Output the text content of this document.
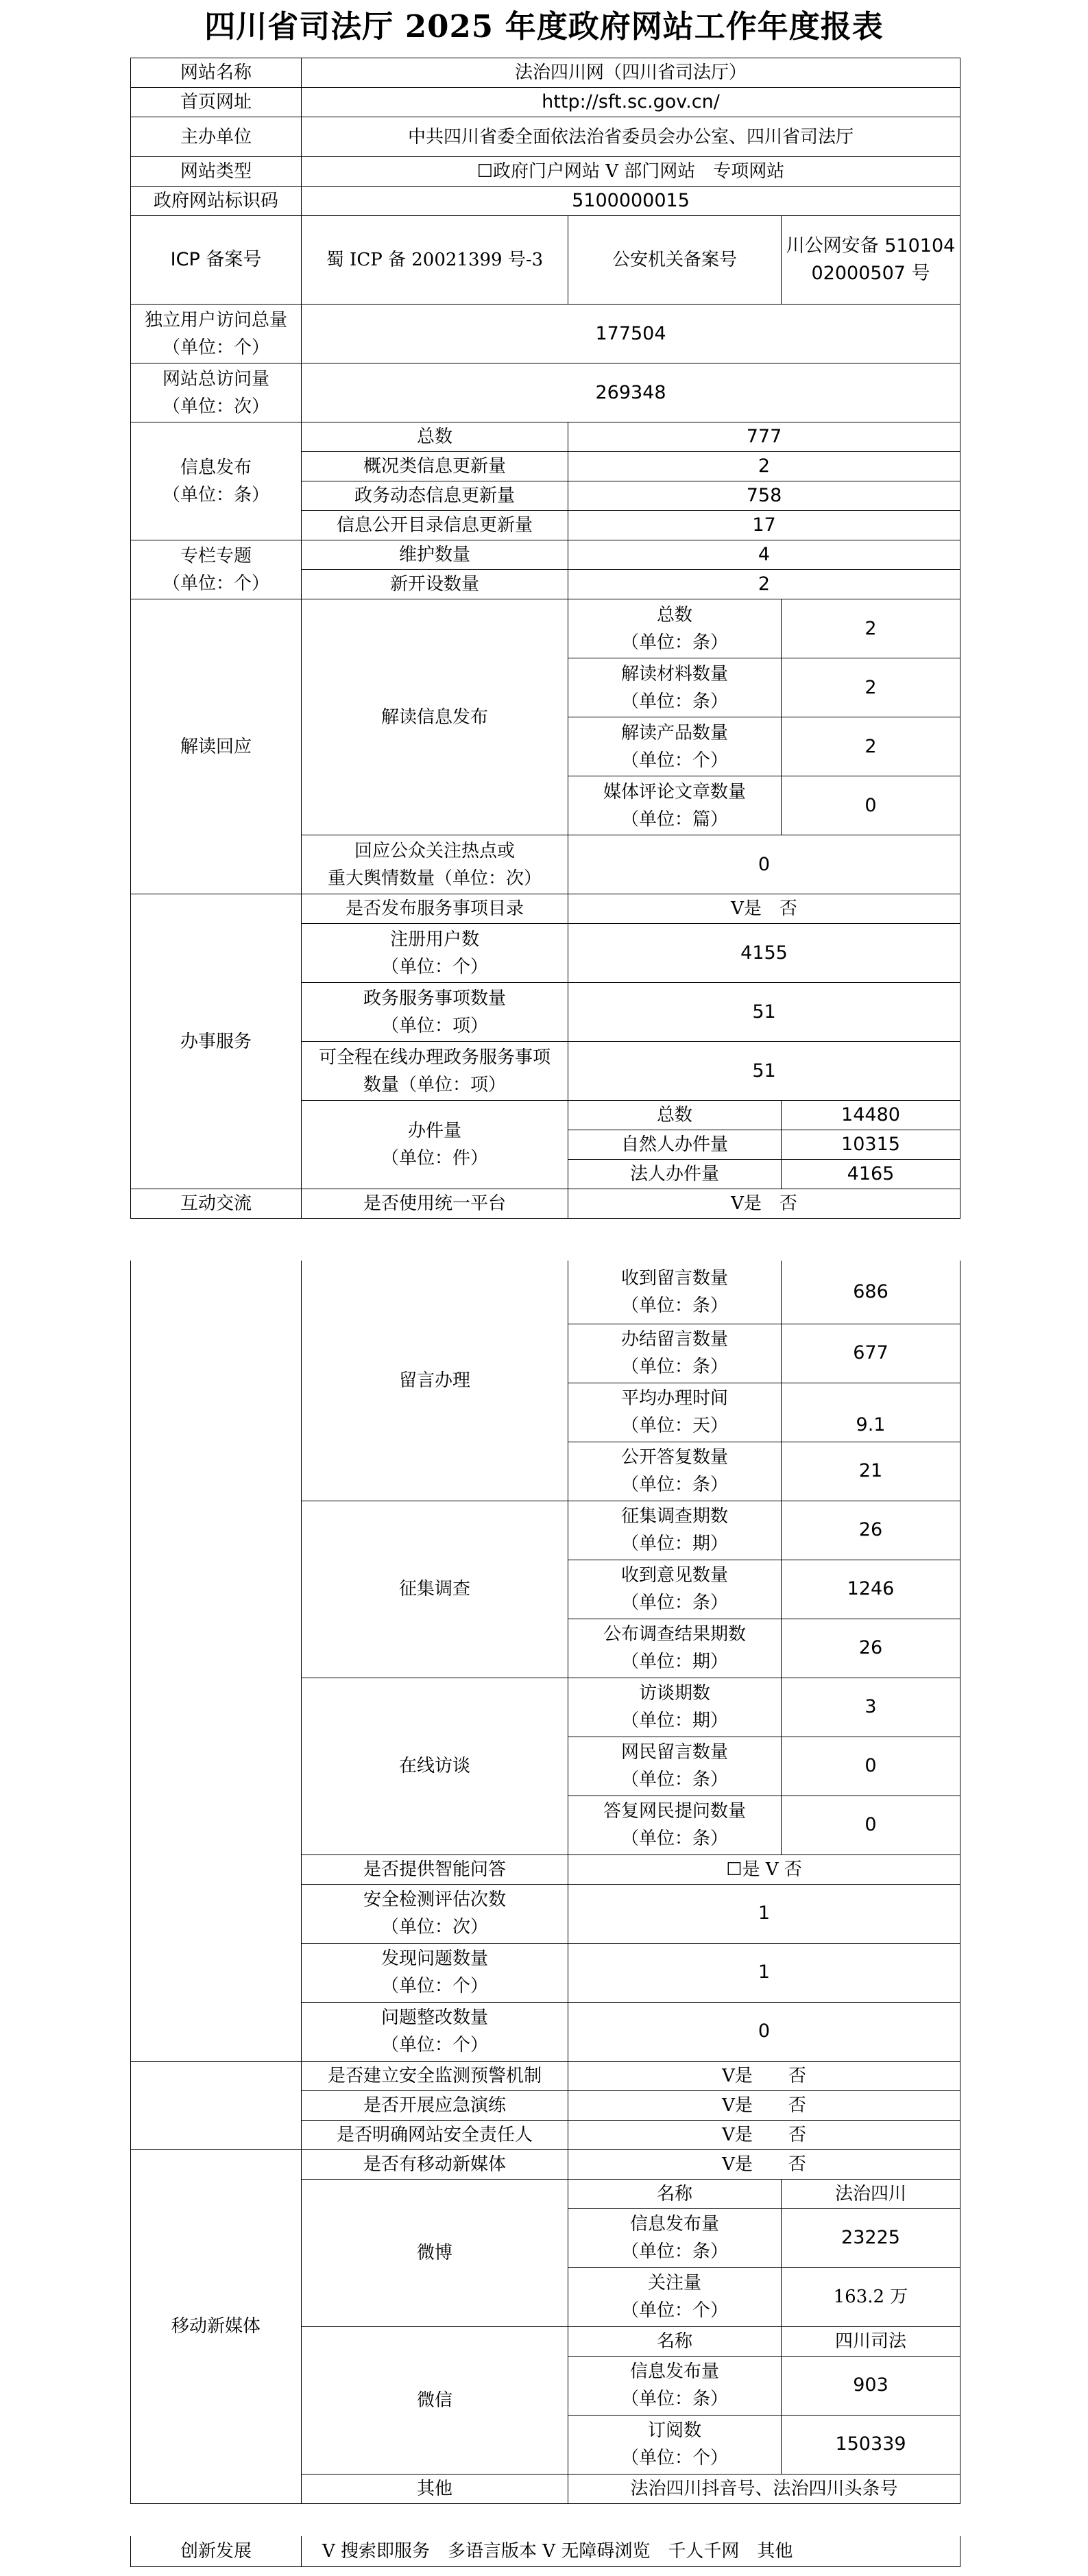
四川省司法厅 2025 年度政府网站工作年度报表
网站名称	法治四川网（四川省司法厅）		
首页网址	http://sft.sc.gov.cn/		
主办单位	中共四川省委全面依法治省委员会办公室、四川省司法厅		
网站类型	☐政府门户网站 V 部门网站　专项网站		
政府网站标识码	5100000015		
ICP 备案号	蜀 ICP 备 20021399 号-3	公安机关备案号	川公网安备 51010402000507 号

独立用户访问总量
（单位：个）	177504		

网站总访问量
（单位：次）	269348		

信息发布
（单位：条）	总数	777	
	概况类信息更新量	2	
	政务动态信息更新量	758	
	信息公开目录信息更新量	17	

专栏专题
（单位：个）	维护数量	4	
	新开设数量	2	
解读回应	解读信息发布	总数
（单位：条）	2

		解读材料数量
（单位：条）	2

		解读产品数量
（单位：个）	2

		媒体评论文章数量
（单位：篇）	0

	回应公众关注热点或
重大舆情数量（单位：次）	0	
办事服务	是否发布服务事项目录	V是　否	

	注册用户数
（单位：个）	4155	

	政务服务事项数量
（单位：项）	51	

	可全程在线办理政务服务事项
数量（单位：项）	51	

	办件量
（单位：件）	总数	14480
		自然人办件量	10315
		法人办件量	4165
互动交流	是否使用统一平台	V是　否	
	留言办理	收到留言数量
（单位：条）	686

		办结留言数量
（单位：条）	677

		平均办理时间
（单位：天）	9.1

		公开答复数量
（单位：条）	21
	征集调查	征集调查期数
（单位：期）	26

		收到意见数量
（单位：条）	1246

		公布调查结果期数
（单位：期）	26
	在线访谈	访谈期数
（单位：期）	3

		网民留言数量
（单位：条）	0

		答复网民提问数量
（单位：条）	0
	是否提供智能问答	☐是 V 否	

	安全检测评估次数
（单位：次）	1	

	发现问题数量
（单位：个）	1	

	问题整改数量
（单位：个）	0	
	是否建立安全监测预警机制	V是　　否	
	是否开展应急演练	V是　　否	
	是否明确网站安全责任人	V是　　否	
移动新媒体	是否有移动新媒体	V是　　否	
	微博	名称	法治四川

		信息发布量
（单位：条）	23225

		关注量
（单位：个）	163.2 万
	微信	名称	四川司法

		信息发布量
（单位：条）	903

		订阅数
（单位：个）	150339
	其他	法治四川抖音号、法治四川头条号	
创新发展	V 搜索即服务　多语言版本 V 无障碍浏览　千人千网　其他
